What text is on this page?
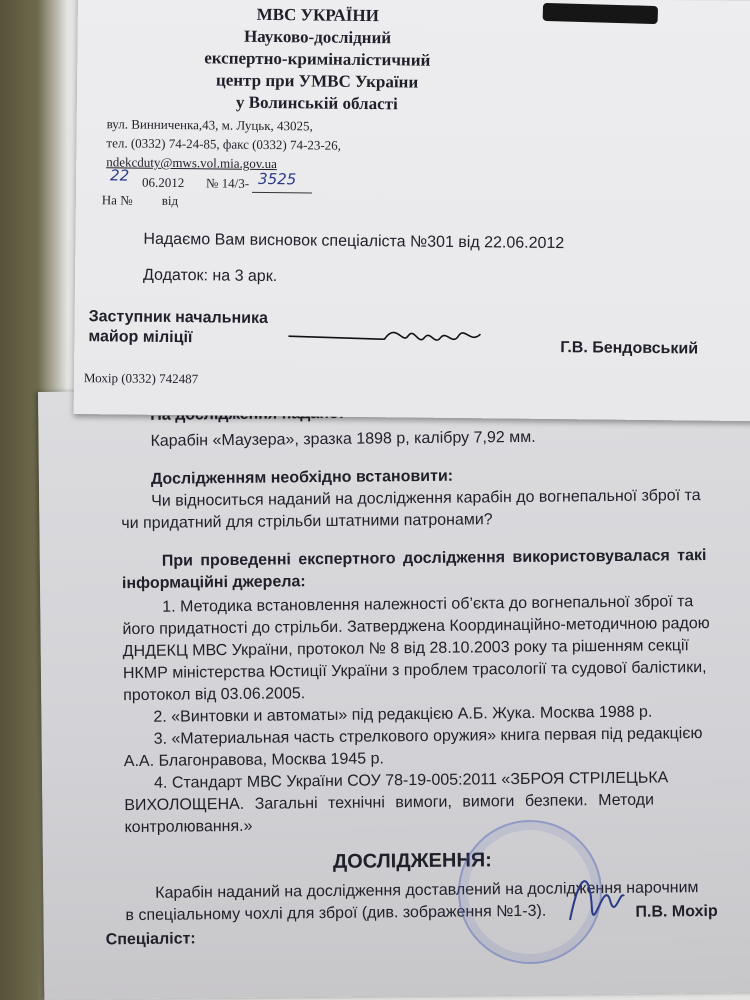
Карабін «Маузера», зразка 1898 р, калібру 7,92 мм.
Дослідженням необхідно встановити:
Чи відноситься наданий на дослідження карабін до вогнепальної зброї та
чи придатний для стрільби штатними патронами?
При проведенні експертного дослідження використовувалася такі
інформаційні джерела:
1. Методика встановлення належності об’єкта до вогнепальної зброї та
його придатності до стрільби. Затверджена Координаційно-методичною радою
ДНДЕКЦ МВС України, протокол № 8 від 28.10.2003 року та рішенням секції
НКМР міністерства Юстиції України з проблем трасології та судової балістики,
протокол від 03.06.2005.
2. «Винтовки и автоматы» під редакцією А.Б. Жука. Москва 1988 р.
3. «Материальная часть стрелкового оружия» книга первая під редакцією
А.А. Благонравова, Москва 1945 р.
4. Стандарт МВС України СОУ 78-19-005:2011 «ЗБРОЯ СТРІЛЕЦЬКА
ВИХОЛОЩЕНА. Загальні технічні вимоги, вимоги безпеки. Методи
контролювання.»
ДОСЛІДЖЕННЯ:
Карабін наданий на дослідження доставлений на дослідження нарочним
в спеціальному чохлі для зброї (див. зображення №1-3).
Спеціаліст:
П.В. Мохір
МВС УКРАЇНИ
Науково-дослідний
експертно-криміналістичний
центр при УМВС України
у Волинській області
вул. Винниченка,43, м. Луцьк, 43025,
тел. (0332) 74-24-85, факс (0332) 74-23-26,
ndekcduty@mws.vol.mia.gov.ua
22 06.2012 № 14/3- 3525
На № від
Надаємо Вам висновок спеціаліста №301 від 22.06.2012
Додаток: на 3 арк.
Заступник начальника
майор міліції
Г.В. Бендовський
Мохір (0332) 742487
